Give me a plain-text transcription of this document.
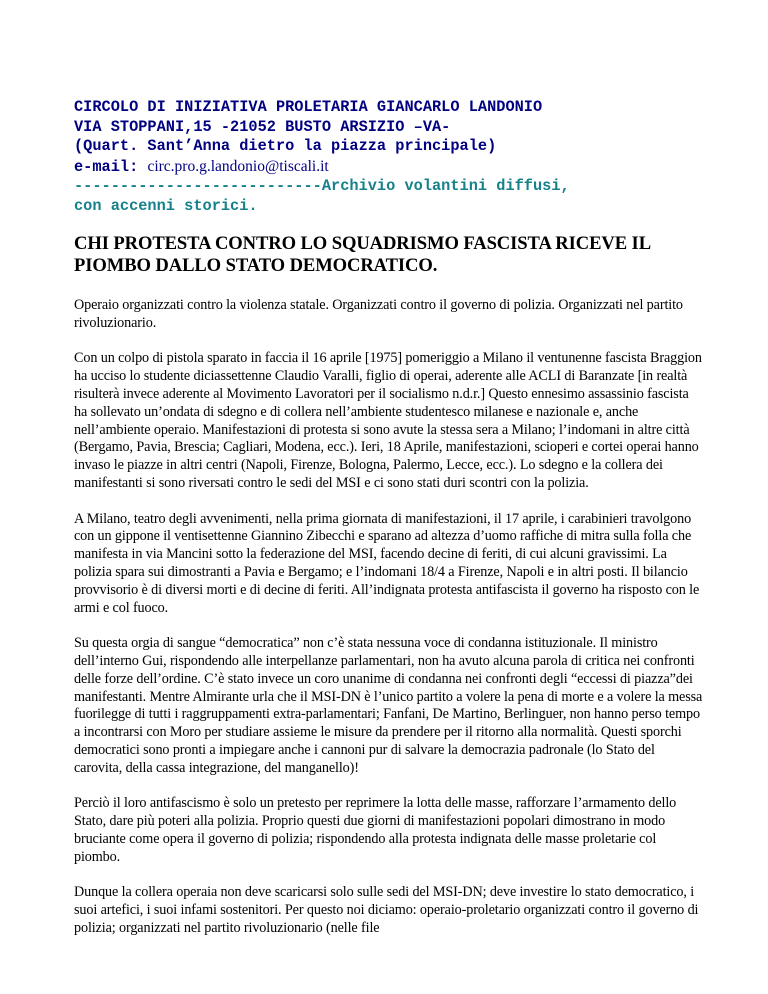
CIRCOLO DI INIZIATIVA PROLETARIA GIANCARLO LANDONIO
VIA STOPPANI,15 -21052 BUSTO ARSIZIO –VA-
(Quart. Sant’Anna dietro la piazza principale)
e-mail: circ.pro.g.landonio@tiscali.it
---------------------------Archivio volantini diffusi,
con accenni storici.
CHI PROTESTA CONTRO LO SQUADRISMO FASCISTA RICEVE IL PIOMBO DALLO STATO DEMOCRATICO.

Operaio organizzati contro la violenza statale. Organizzati contro il governo di polizia. Organizzati nel partito rivoluzionario.

Con un colpo di pistola sparato in faccia il 16 aprile [1975] pomeriggio a Milano il ventunenne fascista Braggion ha ucciso lo studente diciassettenne Claudio Varalli, figlio di operai, aderente alle ACLI di Baranzate [in realtà risulterà invece aderente al Movimento Lavoratori per il socialismo n.d.r.] Questo ennesimo assassinio fascista ha sollevato un’ondata di sdegno e di collera nell’ambiente studentesco milanese e nazionale e, anche nell’ambiente operaio. Manifestazioni di protesta si sono avute la stessa sera a Milano; l’indomani in altre città (Bergamo, Pavia, Brescia; Cagliari, Modena, ecc.). Ieri, 18 Aprile, manifestazioni, scioperi e cortei operai hanno invaso le piazze in altri centri (Napoli, Firenze, Bologna, Palermo, Lecce, ecc.). Lo sdegno e la collera dei manifestanti si sono riversati contro le sedi del MSI e ci sono stati duri scontri con la polizia.

A Milano, teatro degli avvenimenti, nella prima giornata di manifestazioni, il 17 aprile, i carabinieri travolgono con un gippone il ventisettenne Giannino Zibecchi e sparano ad altezza d’uomo raffiche di mitra sulla folla che manifesta in via Mancini sotto la federazione del MSI, facendo decine di feriti, di cui alcuni gravissimi. La polizia spara sui dimostranti a Pavia e Bergamo; e l’indomani 18/4 a Firenze, Napoli e in altri posti. Il bilancio provvisorio è di diversi morti e di decine di feriti. All’indignata protesta antifascista il governo ha risposto con le armi e col fuoco.

Su questa orgia di sangue “democratica” non c’è stata nessuna voce di condanna istituzionale. Il ministro dell’interno Gui, rispondendo alle interpellanze parlamentari, non ha avuto alcuna parola di critica nei confronti delle forze dell’ordine. C’è stato invece un coro unanime di condanna nei confronti degli “eccessi di piazza”dei manifestanti. Mentre Almirante urla che il MSI-DN è l’unico partito a volere la pena di morte e a volere la messa fuorilegge di tutti i raggruppamenti extra-parlamentari; Fanfani, De Martino, Berlinguer, non hanno perso tempo a incontrarsi con Moro per studiare assieme le misure da prendere per il ritorno alla normalità. Questi sporchi democratici sono pronti a impiegare anche i cannoni pur di salvare la democrazia padronale (lo Stato del carovita, della cassa integrazione, del manganello)!

Perciò il loro antifascismo è solo un pretesto per reprimere la lotta delle masse, rafforzare l’armamento dello Stato, dare più poteri alla polizia. Proprio questi due giorni di manifestazioni popolari dimostrano in modo bruciante come opera il governo di polizia; rispondendo alla protesta indignata delle masse proletarie col piombo.

Dunque la collera operaia non deve scaricarsi solo sulle sedi del MSI-DN; deve investire lo stato democratico, i suoi artefici, i suoi infami sostenitori. Per questo noi diciamo: operaio-proletario organizzati contro il governo di polizia; organizzati nel partito rivoluzionario (nelle file
